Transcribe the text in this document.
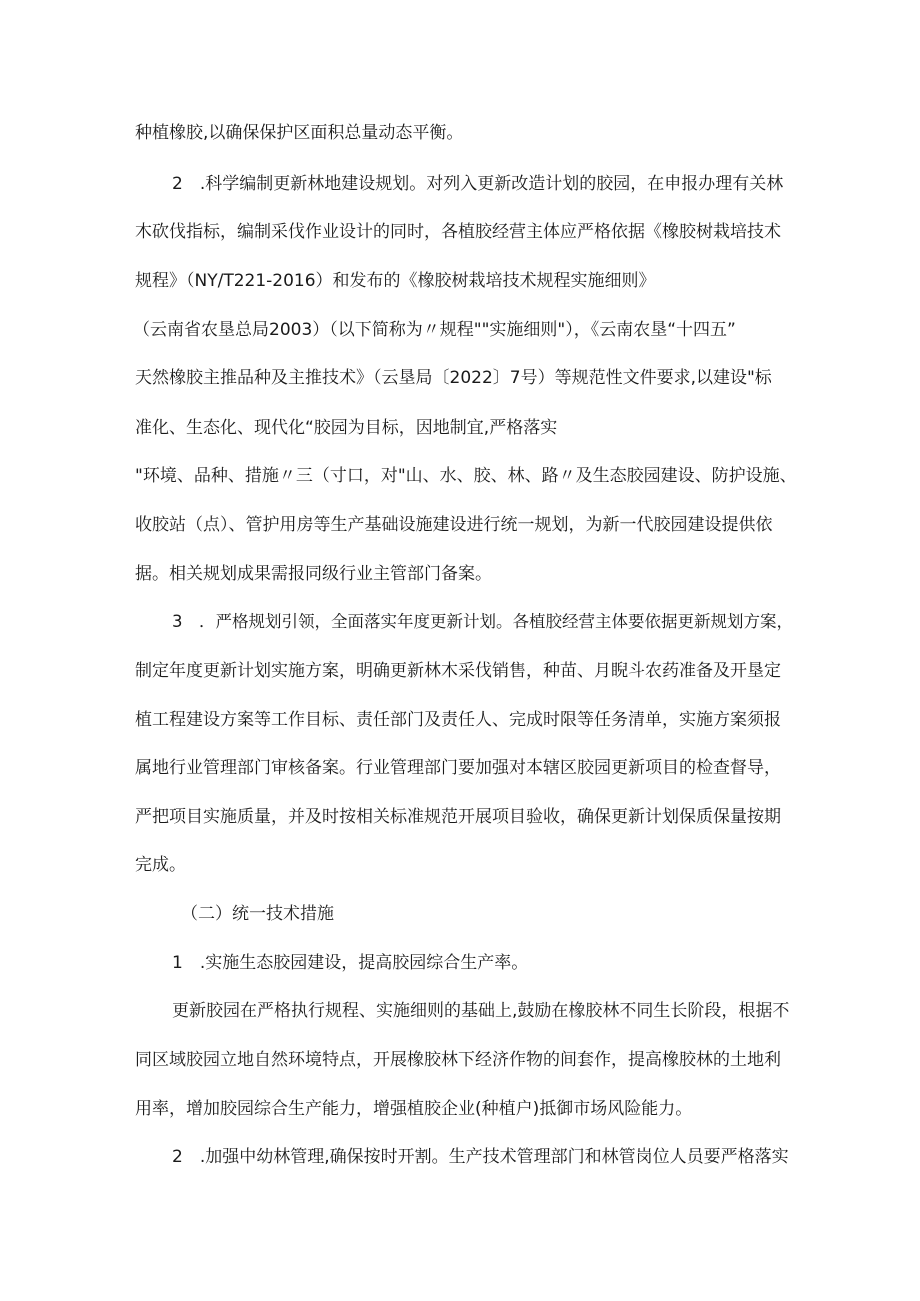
种植橡胶,以确保保护区面积总量动态平衡。
2　.科学编制更新林地建设规划。对列入更新改造计划的胶园，在申报办理有关林
木砍伐指标，编制采伐作业设计的同时，各植胶经营主体应严格依据《橡胶树栽培技术
规程》（NY/T221-2016）和发布的《橡胶树栽培技术规程实施细则》
（云南省农垦总局2003）（以下简称为〃规程""实施细则"），《云南农垦“十四五”
天然橡胶主推品种及主推技术》（云垦局〔2022〕7号）等规范性文件要求,以建设"标
准化、生态化、现代化“胶园为目标，因地制宜,严格落实
"环境、品种、措施〃三（寸口，对"山、水、胶、林、路〃及生态胶园建设、防护设施、
收胶站（点）、管护用房等生产基础设施建设进行统一规划，为新一代胶园建设提供依
据。相关规划成果需报同级行业主管部门备案。
3　．严格规划引领，全面落实年度更新计划。各植胶经营主体要依据更新规划方案，
制定年度更新计划实施方案，明确更新林木采伐销售，种苗、月睨斗农药准备及开垦定
植工程建设方案等工作目标、责任部门及责任人、完成时限等任务清单，实施方案须报
属地行业管理部门审核备案。行业管理部门要加强对本辖区胶园更新项目的检查督导，
严把项目实施质量，并及时按相关标准规范开展项目验收，确保更新计划保质保量按期
完成。
（二）统一技术措施
1　.实施生态胶园建设，提高胶园综合生产率。
更新胶园在严格执行规程、实施细则的基础上,鼓励在橡胶林不同生长阶段，根据不
同区域胶园立地自然环境特点，开展橡胶林下经济作物的间套作，提高橡胶林的土地利
用率，增加胶园综合生产能力，增强植胶企业(种植户)抵御市场风险能力。
2　.加强中幼林管理,确保按时开割。生产技术管理部门和林管岗位人员要严格落实
